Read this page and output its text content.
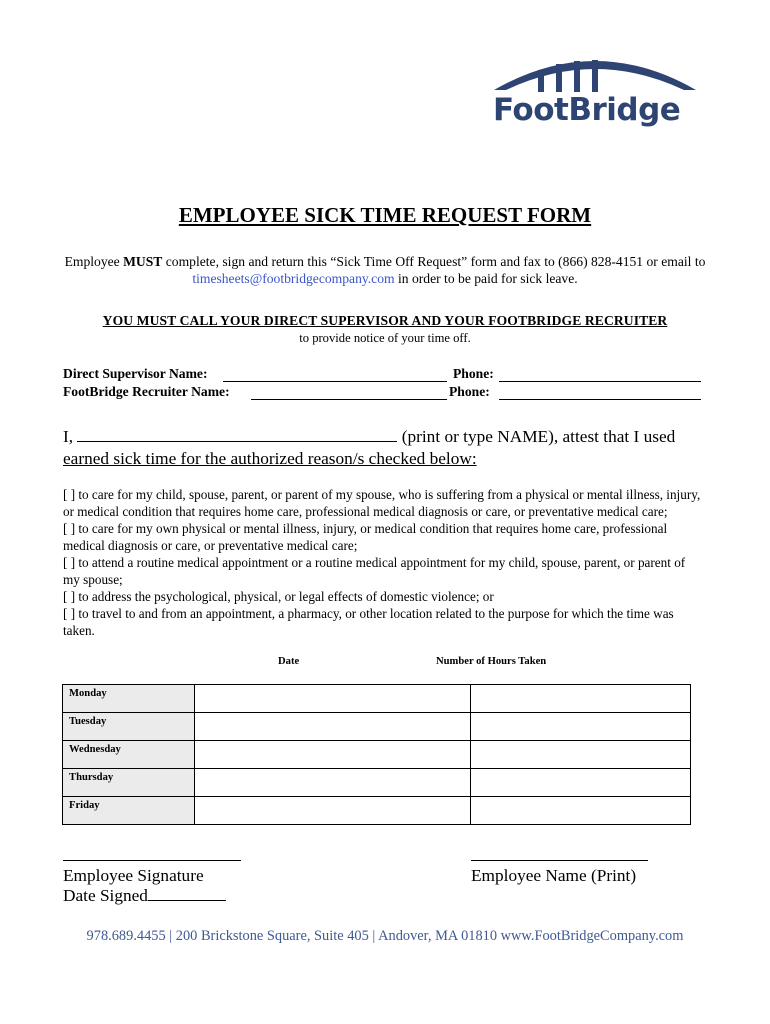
FootBridge
EMPLOYEE SICK TIME REQUEST FORM
Employee MUST complete, sign and return this “Sick Time Off Request” form and fax to (866) 828-4151 or email to timesheets@footbridgecompany.com in order to be paid for sick leave.
YOU MUST CALL YOUR DIRECT SUPERVISOR AND YOUR FOOTBRIDGE RECRUITER
to provide notice of your time off.
Direct Supervisor Name:	Phone:
FootBridge Recruiter Name:	Phone:
I,	(print or type NAME), attest that I used
earned sick time for the authorized reason/s checked below:

[ ] to care for my child, spouse, parent, or parent of my spouse, who is suffering from a physical or mental illness, injury, or medical condition that requires home care, professional medical diagnosis or care, or preventative medical care;

[ ] to care for my own physical or mental illness, injury, or medical condition that requires home care, professional medical diagnosis or care, or preventative medical care;

[ ] to attend a routine medical appointment or a routine medical appointment for my child, spouse, parent, or parent of my spouse;

[ ] to address the psychological, physical, or legal effects of domestic violence; or

[ ] to travel to and from an appointment, a pharmacy, or other location related to the purpose for which the time was taken.

Date	Number of Hours Taken
Monday		
Tuesday		
Wednesday		
Thursday		
Friday		
Employee Signature
Date Signed
Employee Name (Print)
978.689.4455 | 200 Brickstone Square, Suite 405 | Andover, MA 01810 www.FootBridgeCompany.com
